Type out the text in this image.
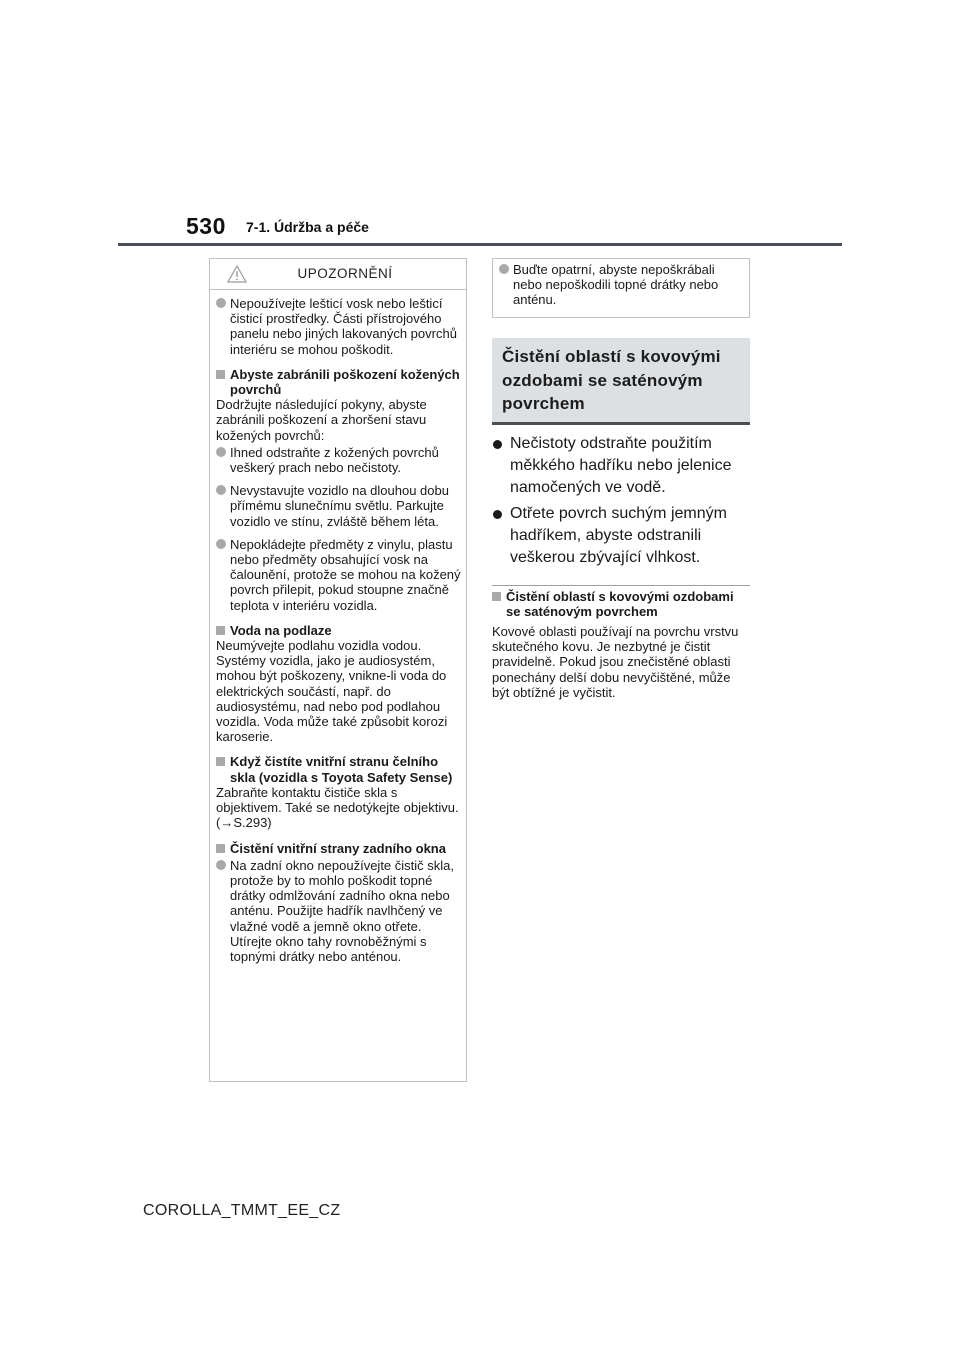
530 7-1. Údržba a péče
UPOZORNĚNÍ
Nepoužívejte lešticí vosk nebo lešticí čisticí prostředky. Části přístrojového panelu nebo jiných lakovaných povrchů interiéru se mohou poškodit.
Abyste zabránili poškození kožených povrchů
Dodržujte následující pokyny, abyste zabránili poškození a zhoršení stavu kožených povrchů:
Ihned odstraňte z kožených povrchů veškerý prach nebo nečistoty.
Nevystavujte vozidlo na dlouhou dobu přímému slunečnímu světlu. Parkujte vozidlo ve stínu, zvláště během léta.
Nepokládejte předměty z vinylu, plastu nebo předměty obsahující vosk na čalounění, protože se mohou na kožený povrch přilepit, pokud stoupne značně teplota v interiéru vozidla.
Voda na podlaze
Neumývejte podlahu vozidla vodou. Systémy vozidla, jako je audiosystém, mohou být poškozeny, vnikne-li voda do elektrických součástí, např. do audiosystému, nad nebo pod podlahou vozidla. Voda může také způsobit korozi karoserie.
Když čistíte vnitřní stranu čelního skla (vozidla s Toyota Safety Sense)
Zabraňte kontaktu čističe skla s objektivem. Také se nedotýkejte objektivu. (→S.293)
Čistění vnitřní strany zadního okna
Na zadní okno nepoužívejte čistič skla, protože by to mohlo poškodit topné drátky odmlžování zadního okna nebo anténu. Použijte hadřík navlhčený ve vlažné vodě a jemně okno otřete. Utírejte okno tahy rovnoběžnými s topnými drátky nebo anténou.
Buďte opatrní, abyste nepoškrábali nebo nepoškodili topné drátky nebo anténu.
Čistění oblastí s kovovými ozdobami se saténovým povrchem
Nečistoty odstraňte použitím měkkého hadříku nebo jelenice namočených ve vodě.
Otřete povrch suchým jemným hadříkem, abyste odstranili veškerou zbývající vlhkost.
Čistění oblastí s kovovými ozdobami se saténovým povrchem
Kovové oblasti používají na povrchu vrstvu skutečného kovu. Je nezbytné je čistit pravidelně. Pokud jsou znečistěné oblasti ponechány delší dobu nevyčištěné, může být obtížné je vyčistit.
COROLLA_TMMT_EE_CZ
